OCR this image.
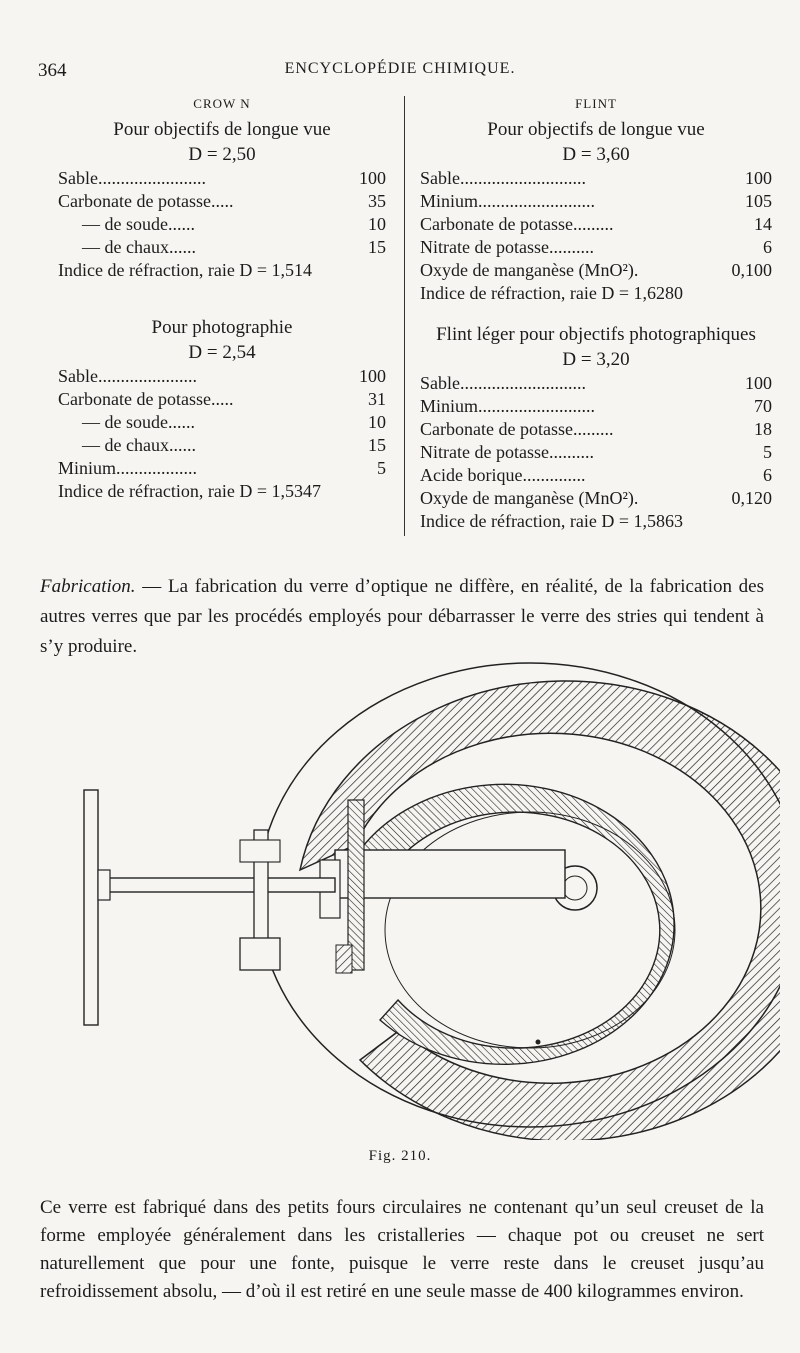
364	ENCYCLOPÉDIE CHIMIQUE.
CROW N
Pour objectifs de longue vue
D = 2,50
Sable........................	100
Carbonate de potasse.....	35
— de soude......	10
— de chaux......	15
Indice de réfraction, raie D = 1,514
Pour photographie
D = 2,54
Sable......................	100
Carbonate de potasse.....	31
— de soude......	10
— de chaux......	15
Minium..................	5
Indice de réfraction, raie D = 1,5347
FLINT
Pour objectifs de longue vue
D = 3,60
Sable............................	100
Minium..........................	105
Carbonate de potasse.........	14
Nitrate de potasse..........	6
Oxyde de manganèse (MnO²).	0,100
Indice de réfraction, raie D = 1,6280
Flint léger pour objectifs photographiques
D = 3,20
Sable............................	100
Minium..........................	70
Carbonate de potasse.........	18
Nitrate de potasse..........	5
Acide borique..............	6
Oxyde de manganèse (MnO²).	0,120
Indice de réfraction, raie D = 1,5863
Fabrication. — La fabrication du verre d’optique ne diffère, en réalité, de la fabrication des autres verres que par les procédés employés pour débarrasser le verre des stries qui tendent à s’y produire.
Fig. 210.
Ce verre est fabriqué dans des petits fours circulaires ne contenant qu’un seul creuset de la forme employée généralement dans les cristalleries — chaque pot ou creuset ne sert naturellement que pour une fonte, puisque le verre reste dans le creuset jusqu’au refroidissement absolu, — d’où il est retiré en une seule masse de 400 kilogrammes environ.
